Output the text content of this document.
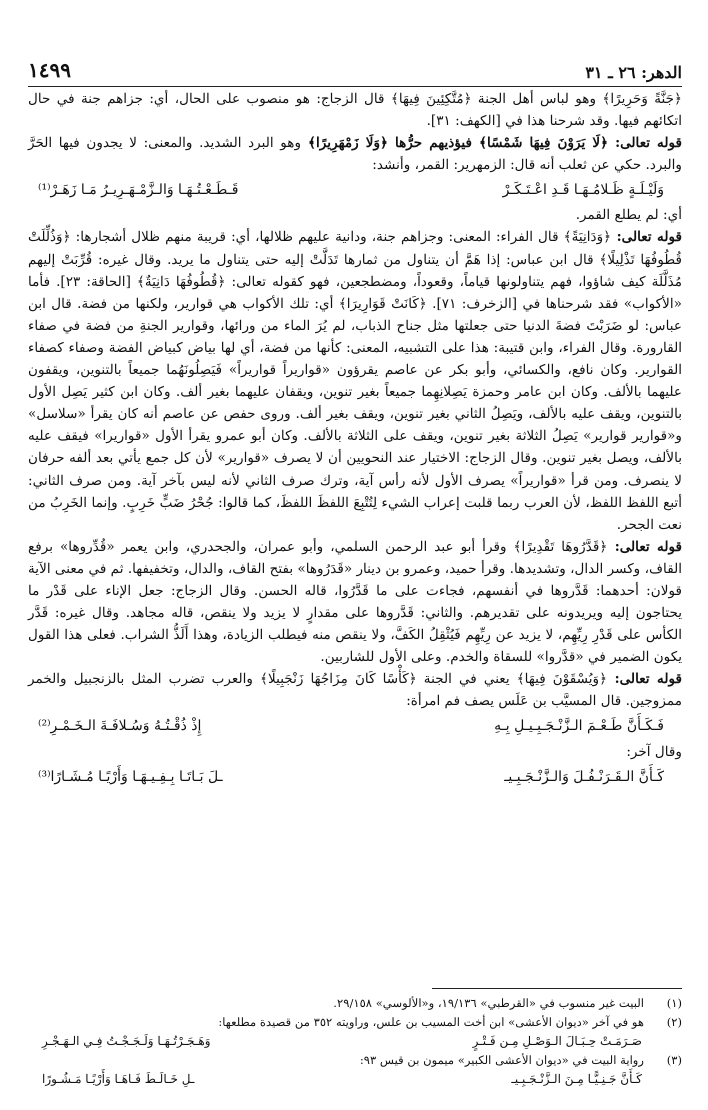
الدهر: ٢٦ ـ ٣١
١٤٩٩

﴿جَنَّةً وَحَرِيرًا﴾ وهو لباس أهل الجنة ﴿مُتَّكِئِينَ فِيهَا﴾ قال الزجاج: هو منصوب على الحال، أي: جزاهم جنة في حال اتكائهم فيها. وقد شرحنا هذا في [الكهف: ٣١].

قوله تعالى: ﴿لَا يَرَوْنَ فِيهَا شَمْسًا﴾ فيؤذيهم حرُّها ﴿وَلَا زَمْهَرِيرًا﴾ وهو البرد الشديد. والمعنى: لا يجدون فيها الحَرَّ والبرد. حكي عن ثعلب أنه قال: الزمهرير: القمر، وأنشد:

وَلَيْـلَـةٍ ظَـلامُـهَـا قَـدِ اعْـتَـكَـرْ
قَـطَـعْـتُـهَـا وَالـزَّمْـهَـرِيـرُ مَـا زَهَـرْ⁽¹⁾

أي: لم يطلع القمر.

قوله تعالى: ﴿وَدَانِيَةً﴾ قال الفراء: المعنى: وجزاهم جنة، ودانية عليهم ظلالها، أي: قريبة منهم ظلال أشجارها: ﴿وَذُلِّلَتْ قُطُوفُهَا تَذْلِيلًا﴾ قال ابن عباس: إذا هَمَّ أن يتناول من ثمارها تَدَلَّتْ إليه حتى يتناول ما يريد. وقال غيره: قُرِّبَتْ إليهم مُذَلَّلَة كيف شاؤوا، فهم يتناولونها قياماً، وقعوداً، ومضطجعين، فهو كقوله تعالى: ﴿قُطُوفُهَا دَانِيَةٌ﴾ [الحاقة: ٢٣]. فأما «الأكواب» فقد شرحناها في [الزخرف: ٧١]. ﴿كَانَتْ قَوَارِيرَا﴾ أي: تلك الأكواب هي قوارير، ولكنها من فضة. قال ابن عباس: لو ضَرَبْتَ فضةَ الدنيا حتى جعلتها مثل جناح الذباب، لم يُرَ الماء من ورائها، وقوارير الجنةِ من فضة في صفاء القارورة. وقال الفراء، وابن قتيبة: هذا على التشبيه، المعنى: كأنها من فضة، أي لها بياض كبياض الفضة وصفاء كصفاء القوارير. وكان نافع، والكسائي، وأبو بكر عن عاصم يقرؤون «قواريراً قواريراً» فَيَصِلُونَهُما جميعاً بالتنوين، ويقفون عليهما بالألف. وكان ابن عامر وحمزة يَصِلانِهِما جميعاً بغير تنوين، ويقفان عليهما بغير ألف. وكان ابن كثير يَصِل الأول بالتنوين، ويقف عليه بالألف، ويَصِلُ الثاني بغير تنوين، ويقف بغير ألف. وروى حفص عن عاصم أنه كان يقرأ «سلاسل» و«قوارير قوارير» يَصِلُ الثلاثة بغير تنوين، ويقف على الثلاثة بالألف. وكان أبو عمرو يقرأ الأول «قواريرا» فيقف عليه بالألف، ويصل بغير تنوين. وقال الزجاج: الاختيار عند النحويين أن لا يصرف «قوارير» لأن كل جمع يأتي بعد ألفه حرفان لا ينصرف. ومن قرأ «قواريراً» يصرف الأول لأنه رأس آية، وترك صرف الثاني لأنه ليس بآخر آية. ومن صرف الثاني: أتبع اللفظ اللفظ، لأن العرب ربما قلبت إعراب الشيء لِتُتْبِعَ اللفظَ اللفظَ، كما قالوا: جُحْرُ ضَبٍّ خَرِبٍ. وإنما الخَرِبُ من نعت الجحر.

قوله تعالى: ﴿قَدَّرُوهَا تَقْدِيرًا﴾ وقرأ أبو عبد الرحمن السلمي، وأبو عمران، والجحدري، وابن يعمر «قُدِّروها» برفع القاف، وكسر الدال، وتشديدها. وقرأ حميد، وعمرو بن دينار «قَدَرُوها» بفتح القاف، والدال، وتخفيفها. ثم في معنى الآية قولان: أحدهما: قَدَّروها في أنفسهم، فجاءت على ما قَدَّرُوا، قاله الحسن. وقال الزجاج: جعل الإناء على قَدْر ما يحتاجون إليه ويريدونه على تقديرهم. والثاني: قَدَّروها على مقدارٍ لا يزيد ولا ينقص، قاله مجاهد. وقال غيره: قَدَّر الكأس على قَدْرِ رِيِّهِم، لا يزيد عن رِيِّهِم فَيُثْقِلُ الكَفَّ، ولا ينقص منه فيطلب الزيادة، وهذا أَلَذُّ الشراب. فعلى هذا القول يكون الضمير في «قدَّروا» للسقاة والخدم. وعلى الأول للشاربين.

قوله تعالى: ﴿وَيُسْقَوْنَ فِيهَا﴾ يعني في الجنة ﴿كَأْسًا كَانَ مِزَاجُهَا زَنْجَبِيلًا﴾ والعرب تضرب المثل بالزنجبيل والخمر ممزوجين. قال المسيَّب بن عَلَس يصف فم امرأة:

فَـكَـأَنَّ طَـعْـمَ الـزَّنْـجَـبِـيـلِ بِـهِ
إِذْ ذُقْـتُـهُ وَسُـلافَـةَ الـخَـمْـرِ⁽²⁾

وقال آخر:

كَـأَنَّ الـقَـرَنْـفُـلَ وَالـزَّنْـجَـبِـيـ
ـلَ بَـاتَـا بِـفِـيـهَـا وَأَرْيًـا مُـشَـارًا⁽³⁾
(١)
البيت غير منسوب في «القرطبي» ١٩/١٣٦، و«الألوسي» ٢٩/١٥٨.
(٢)
هو في آخر «ديوان الأعشى» ابن أخت المسيب بن علس، وراويته ٣٥٢ من قصيدة مطلعها:
صَـرَمَـتْ حِـبَـالَ الـوَصْـلِ مِـن فَـتْـرٍ
وَهَـجَـرْتُـهَـا وَلَـجَـجْـتُ فِـي الـهَـجْـرِ
(٣)
رواية البيت في «ديوان الأعشى الكبير» ميمون بن قيس ٩٣:
كَـأَنَّ جَـنِـيًّـا مِـنَ الـزَّنْـجَـبِـيـ
ـلِ خَـالَـطَ فَـاهَـا وَأَرْيًـا مَـشُـورًا
